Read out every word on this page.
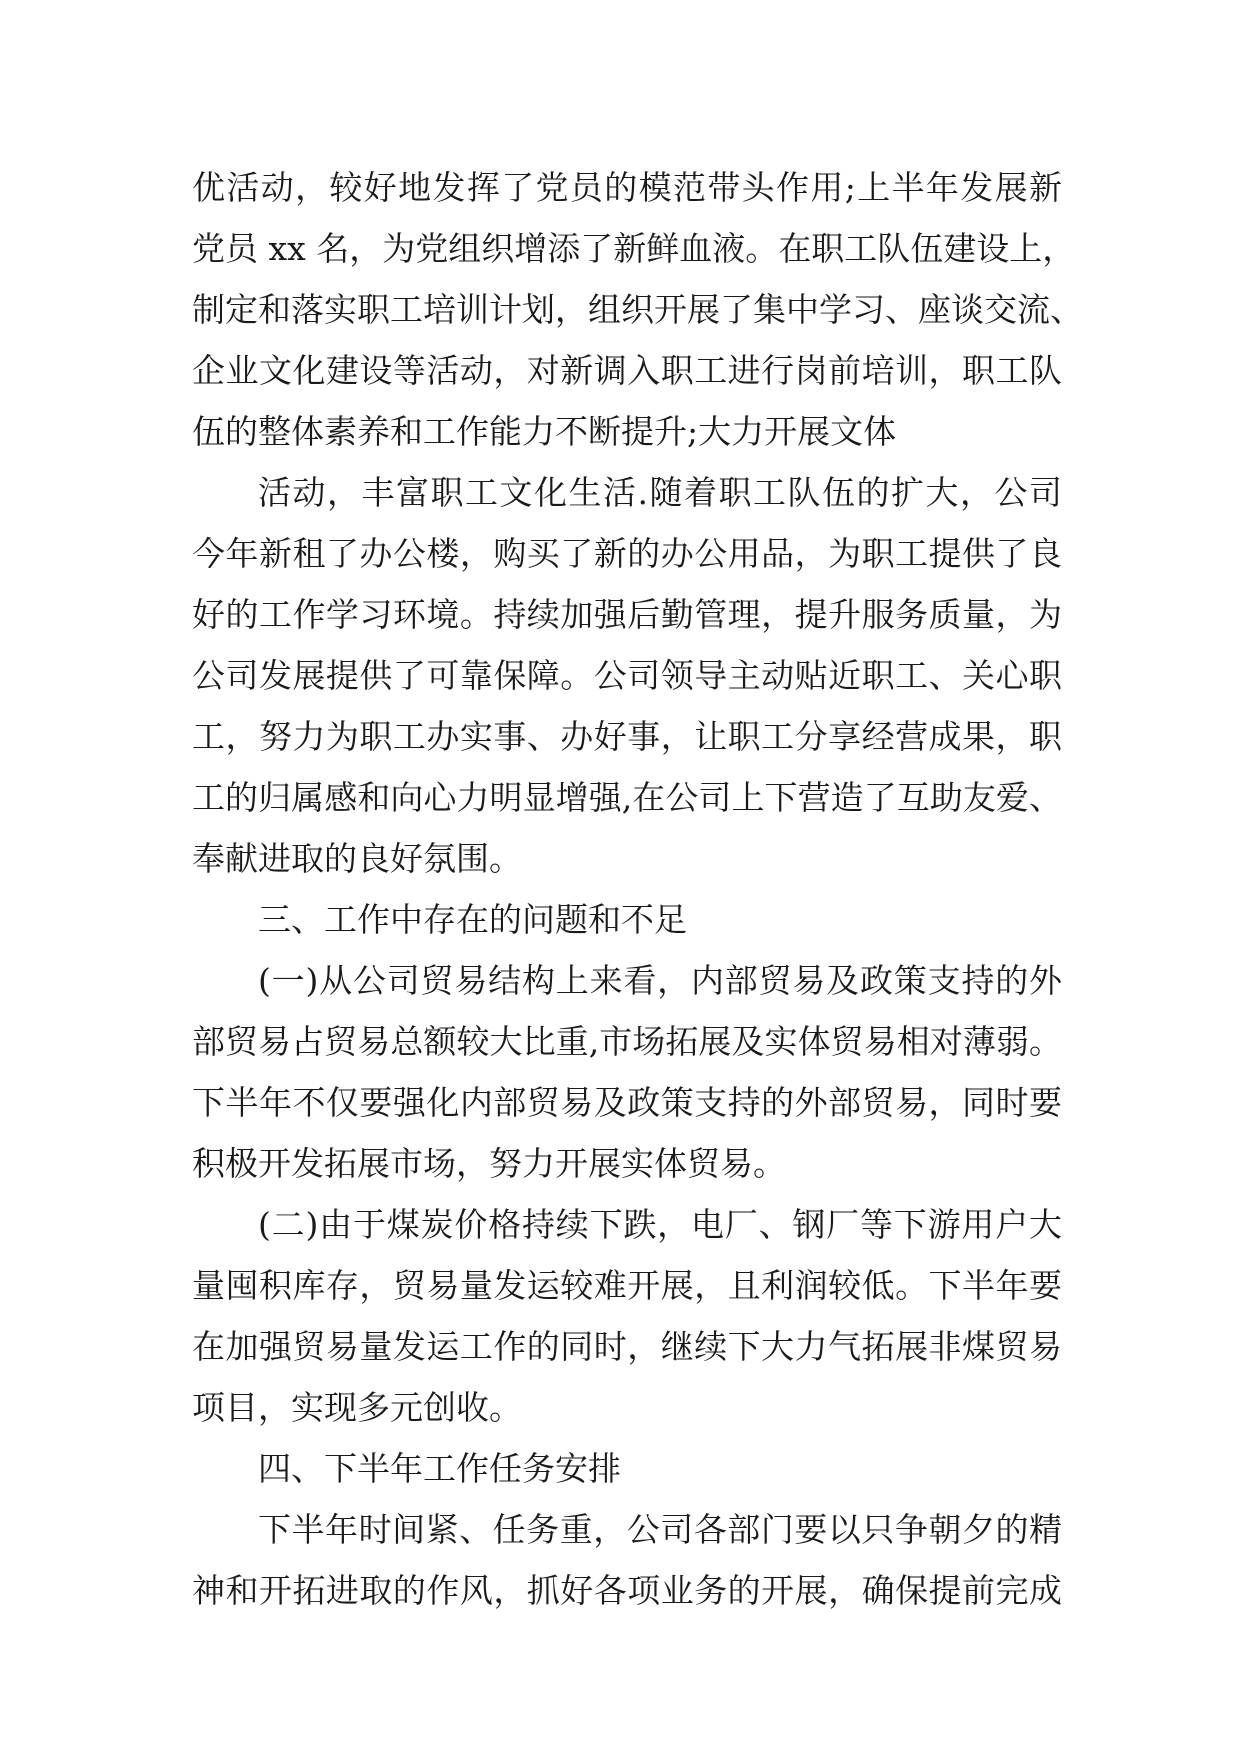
优活动，较好地发挥了党员的模范带头作用;上半年发展新
党员 xx 名，为党组织增添了新鲜血液。在职工队伍建设上，
制定和落实职工培训计划，组织开展了集中学习、座谈交流、
企业文化建设等活动，对新调入职工进行岗前培训，职工队
伍的整体素养和工作能力不断提升;大力开展文体
活动，丰富职工文化生活.随着职工队伍的扩大，公司
今年新租了办公楼，购买了新的办公用品，为职工提供了良
好的工作学习环境。持续加强后勤管理，提升服务质量，为
公司发展提供了可靠保障。公司领导主动贴近职工、关心职
工，努力为职工办实事、办好事，让职工分享经营成果，职
工的归属感和向心力明显增强,在公司上下营造了互助友爱、
奉献进取的良好氛围。
三、工作中存在的问题和不足
(一)从公司贸易结构上来看，内部贸易及政策支持的外
部贸易占贸易总额较大比重,市场拓展及实体贸易相对薄弱。
下半年不仅要强化内部贸易及政策支持的外部贸易，同时要
积极开发拓展市场，努力开展实体贸易。
(二)由于煤炭价格持续下跌，电厂、钢厂等下游用户大
量囤积库存，贸易量发运较难开展，且利润较低。下半年要
在加强贸易量发运工作的同时，继续下大力气拓展非煤贸易
项目，实现多元创收。
四、下半年工作任务安排
下半年时间紧、任务重，公司各部门要以只争朝夕的精
神和开拓进取的作风，抓好各项业务的开展，确保提前完成
